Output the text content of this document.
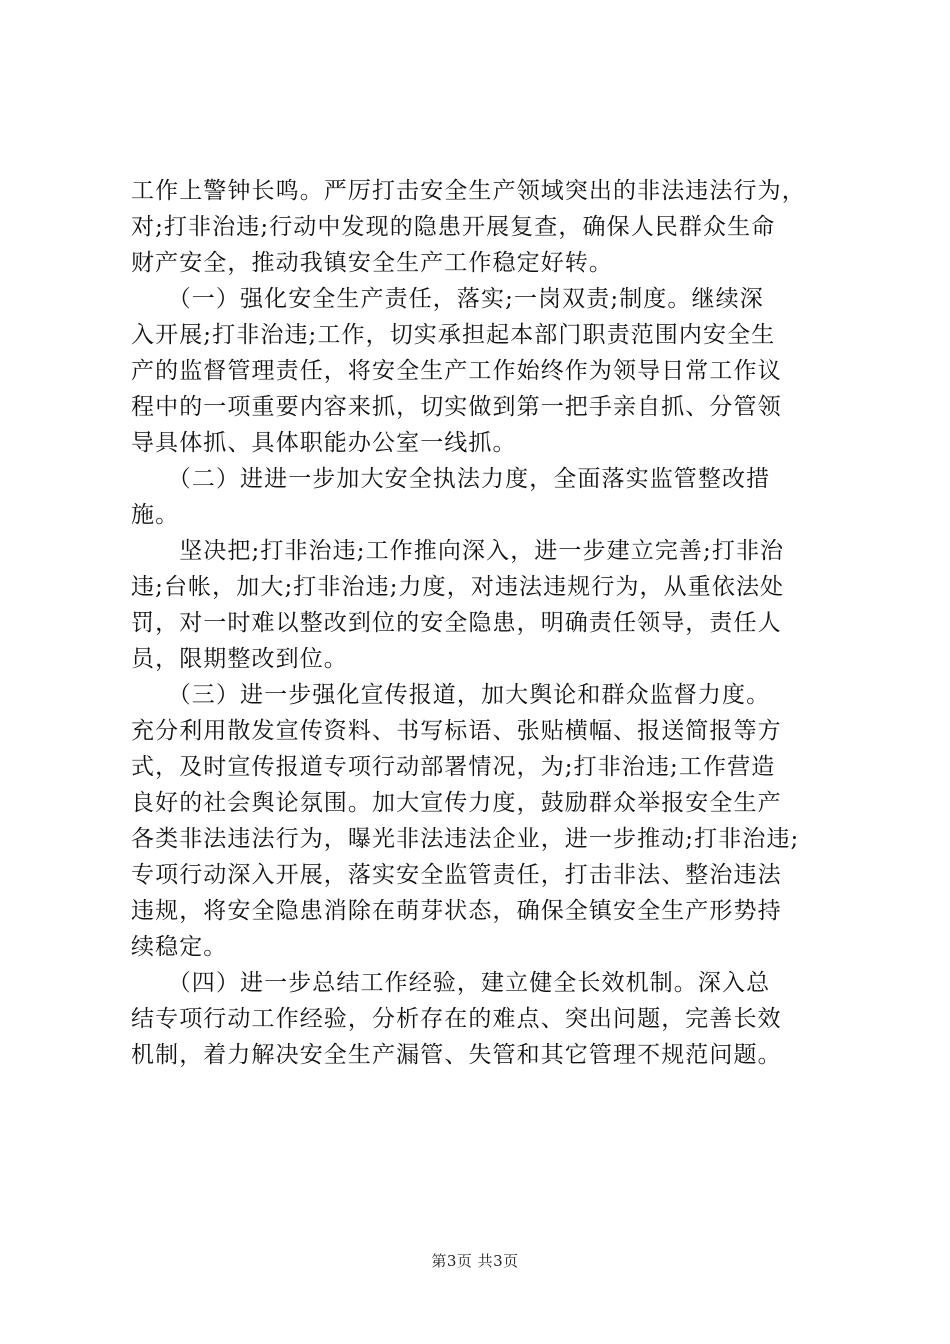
工作上警钟长鸣。严厉打击安全生产领域突出的非法违法行为，
对;打非治违;行动中发现的隐患开展复查，确保人民群众生命
财产安全，推动我镇安全生产工作稳定好转。
　　（一）强化安全生产责任，落实;一岗双责;制度。继续深
入开展;打非治违;工作，切实承担起本部门职责范围内安全生
产的监督管理责任，将安全生产工作始终作为领导日常工作议
程中的一项重要内容来抓，切实做到第一把手亲自抓、分管领
导具体抓、具体职能办公室一线抓。
　　（二）进进一步加大安全执法力度，全面落实监管整改措
施。
　　坚决把;打非治违;工作推向深入，进一步建立完善;打非治
违;台帐，加大;打非治违;力度，对违法违规行为，从重依法处
罚，对一时难以整改到位的安全隐患，明确责任领导，责任人
员，限期整改到位。
　　（三）进一步强化宣传报道，加大舆论和群众监督力度。
充分利用散发宣传资料、书写标语、张贴横幅、报送简报等方
式，及时宣传报道专项行动部署情况，为;打非治违;工作营造
良好的社会舆论氛围。加大宣传力度，鼓励群众举报安全生产
各类非法违法行为，曝光非法违法企业，进一步推动;打非治违;
专项行动深入开展，落实安全监管责任，打击非法、整治违法
违规，将安全隐患消除在萌芽状态，确保全镇安全生产形势持
续稳定。
　　（四）进一步总结工作经验，建立健全长效机制。深入总
结专项行动工作经验，分析存在的难点、突出问题，完善长效
机制，着力解决安全生产漏管、失管和其它管理不规范问题。
第3页 共3页
